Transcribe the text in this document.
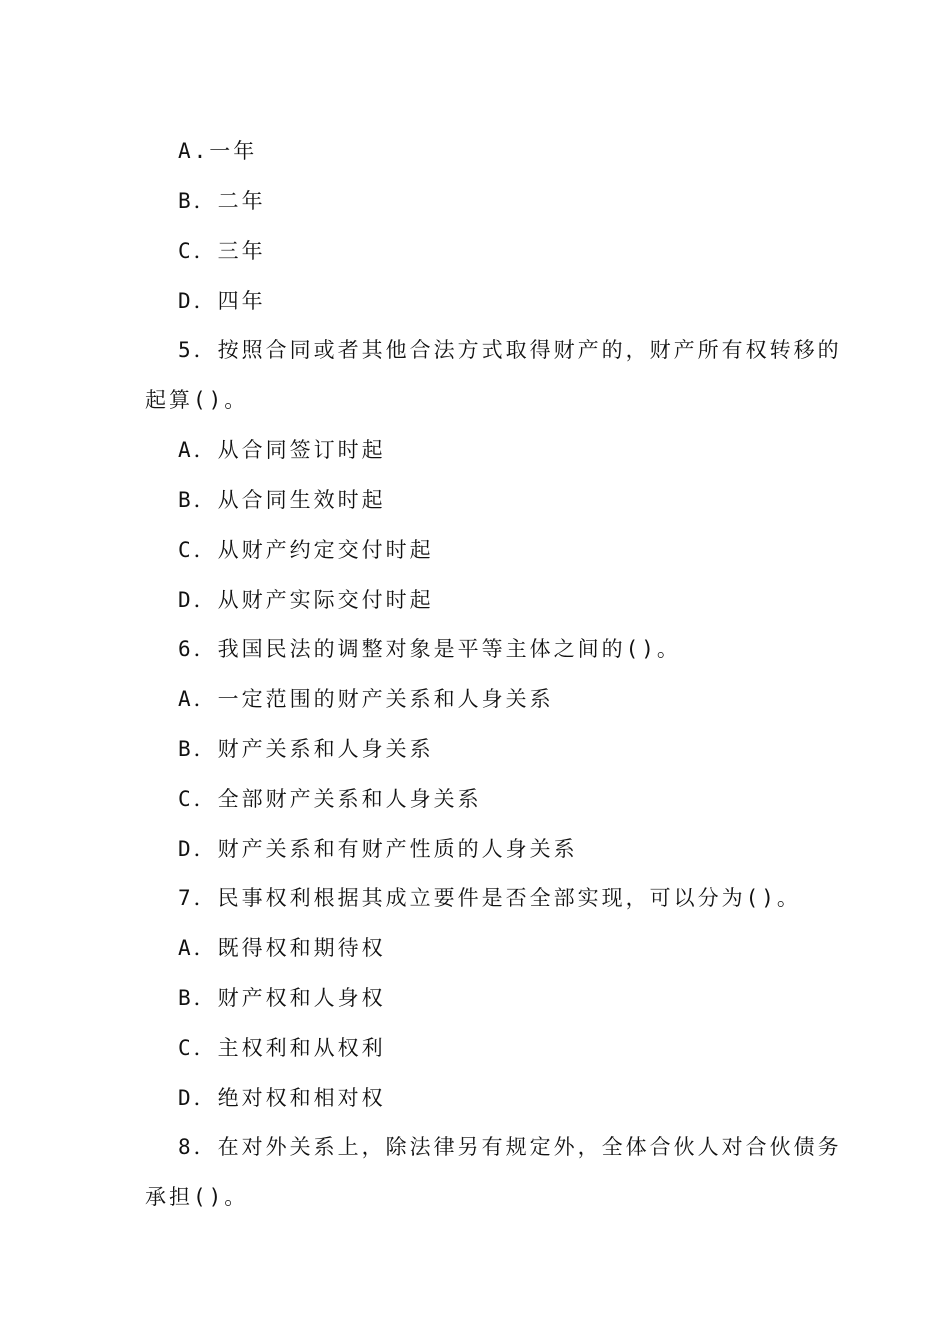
A.一年
B．二年
C．三年
D．四年
5．按照合同或者其他合法方式取得财产的，财产所有权转移的
起算()。
A．从合同签订时起
B．从合同生效时起
C．从财产约定交付时起
D．从财产实际交付时起
6．我国民法的调整对象是平等主体之间的()。
A．一定范围的财产关系和人身关系
B．财产关系和人身关系
C．全部财产关系和人身关系
D．财产关系和有财产性质的人身关系
7．民事权利根据其成立要件是否全部实现，可以分为()。
A．既得权和期待权
B．财产权和人身权
C．主权利和从权利
D．绝对权和相对权
8．在对外关系上，除法律另有规定外，全体合伙人对合伙债务
承担()。
